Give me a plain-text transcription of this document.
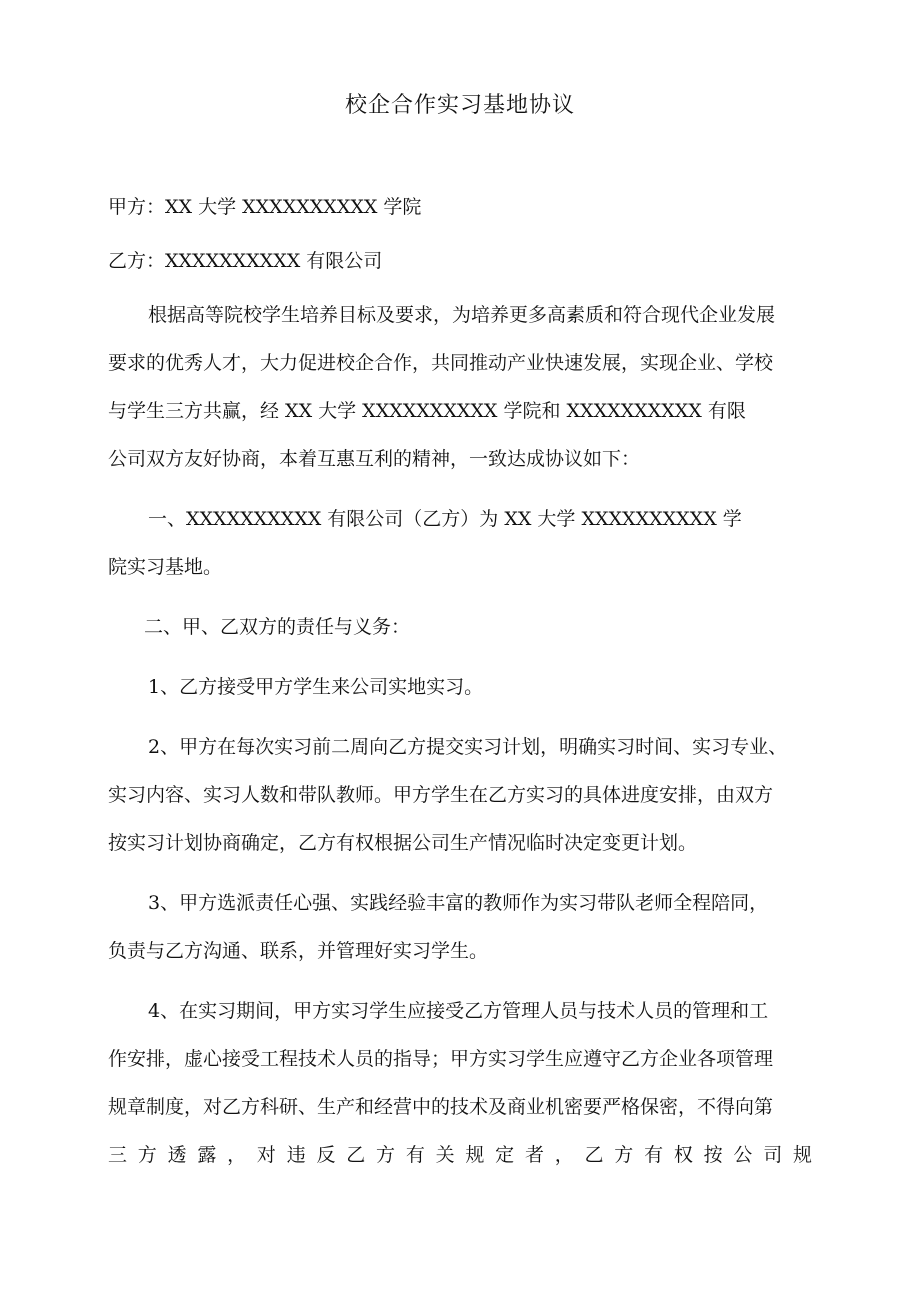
校企合作实习基地协议
甲方：XX 大学 XXXXXXXXXX 学院
乙方：XXXXXXXXXX 有限公司
根据高等院校学生培养目标及要求，为培养更多高素质和符合现代企业发展
要求的优秀人才，大力促进校企合作，共同推动产业快速发展，实现企业、学校
与学生三方共赢，经 XX 大学 XXXXXXXXXX 学院和 XXXXXXXXXX 有限
公司双方友好协商，本着互惠互利的精神，一致达成协议如下：
一、XXXXXXXXXX 有限公司（乙方）为 XX 大学 XXXXXXXXXX 学
院实习基地。
二、甲、乙双方的责任与义务：
1、乙方接受甲方学生来公司实地实习。
2、甲方在每次实习前二周向乙方提交实习计划，明确实习时间、实习专业、
实习内容、实习人数和带队教师。甲方学生在乙方实习的具体进度安排，由双方
按实习计划协商确定，乙方有权根据公司生产情况临时决定变更计划。
3、甲方选派责任心强、实践经验丰富的教师作为实习带队老师全程陪同，
负责与乙方沟通、联系，并管理好实习学生。
4、在实习期间，甲方实习学生应接受乙方管理人员与技术人员的管理和工
作安排，虚心接受工程技术人员的指导；甲方实习学生应遵守乙方企业各项管理
规章制度，对乙方科研、生产和经营中的技术及商业机密要严格保密，不得向第
三方透露，对违反乙方有关规定者，乙方有权按公司规
